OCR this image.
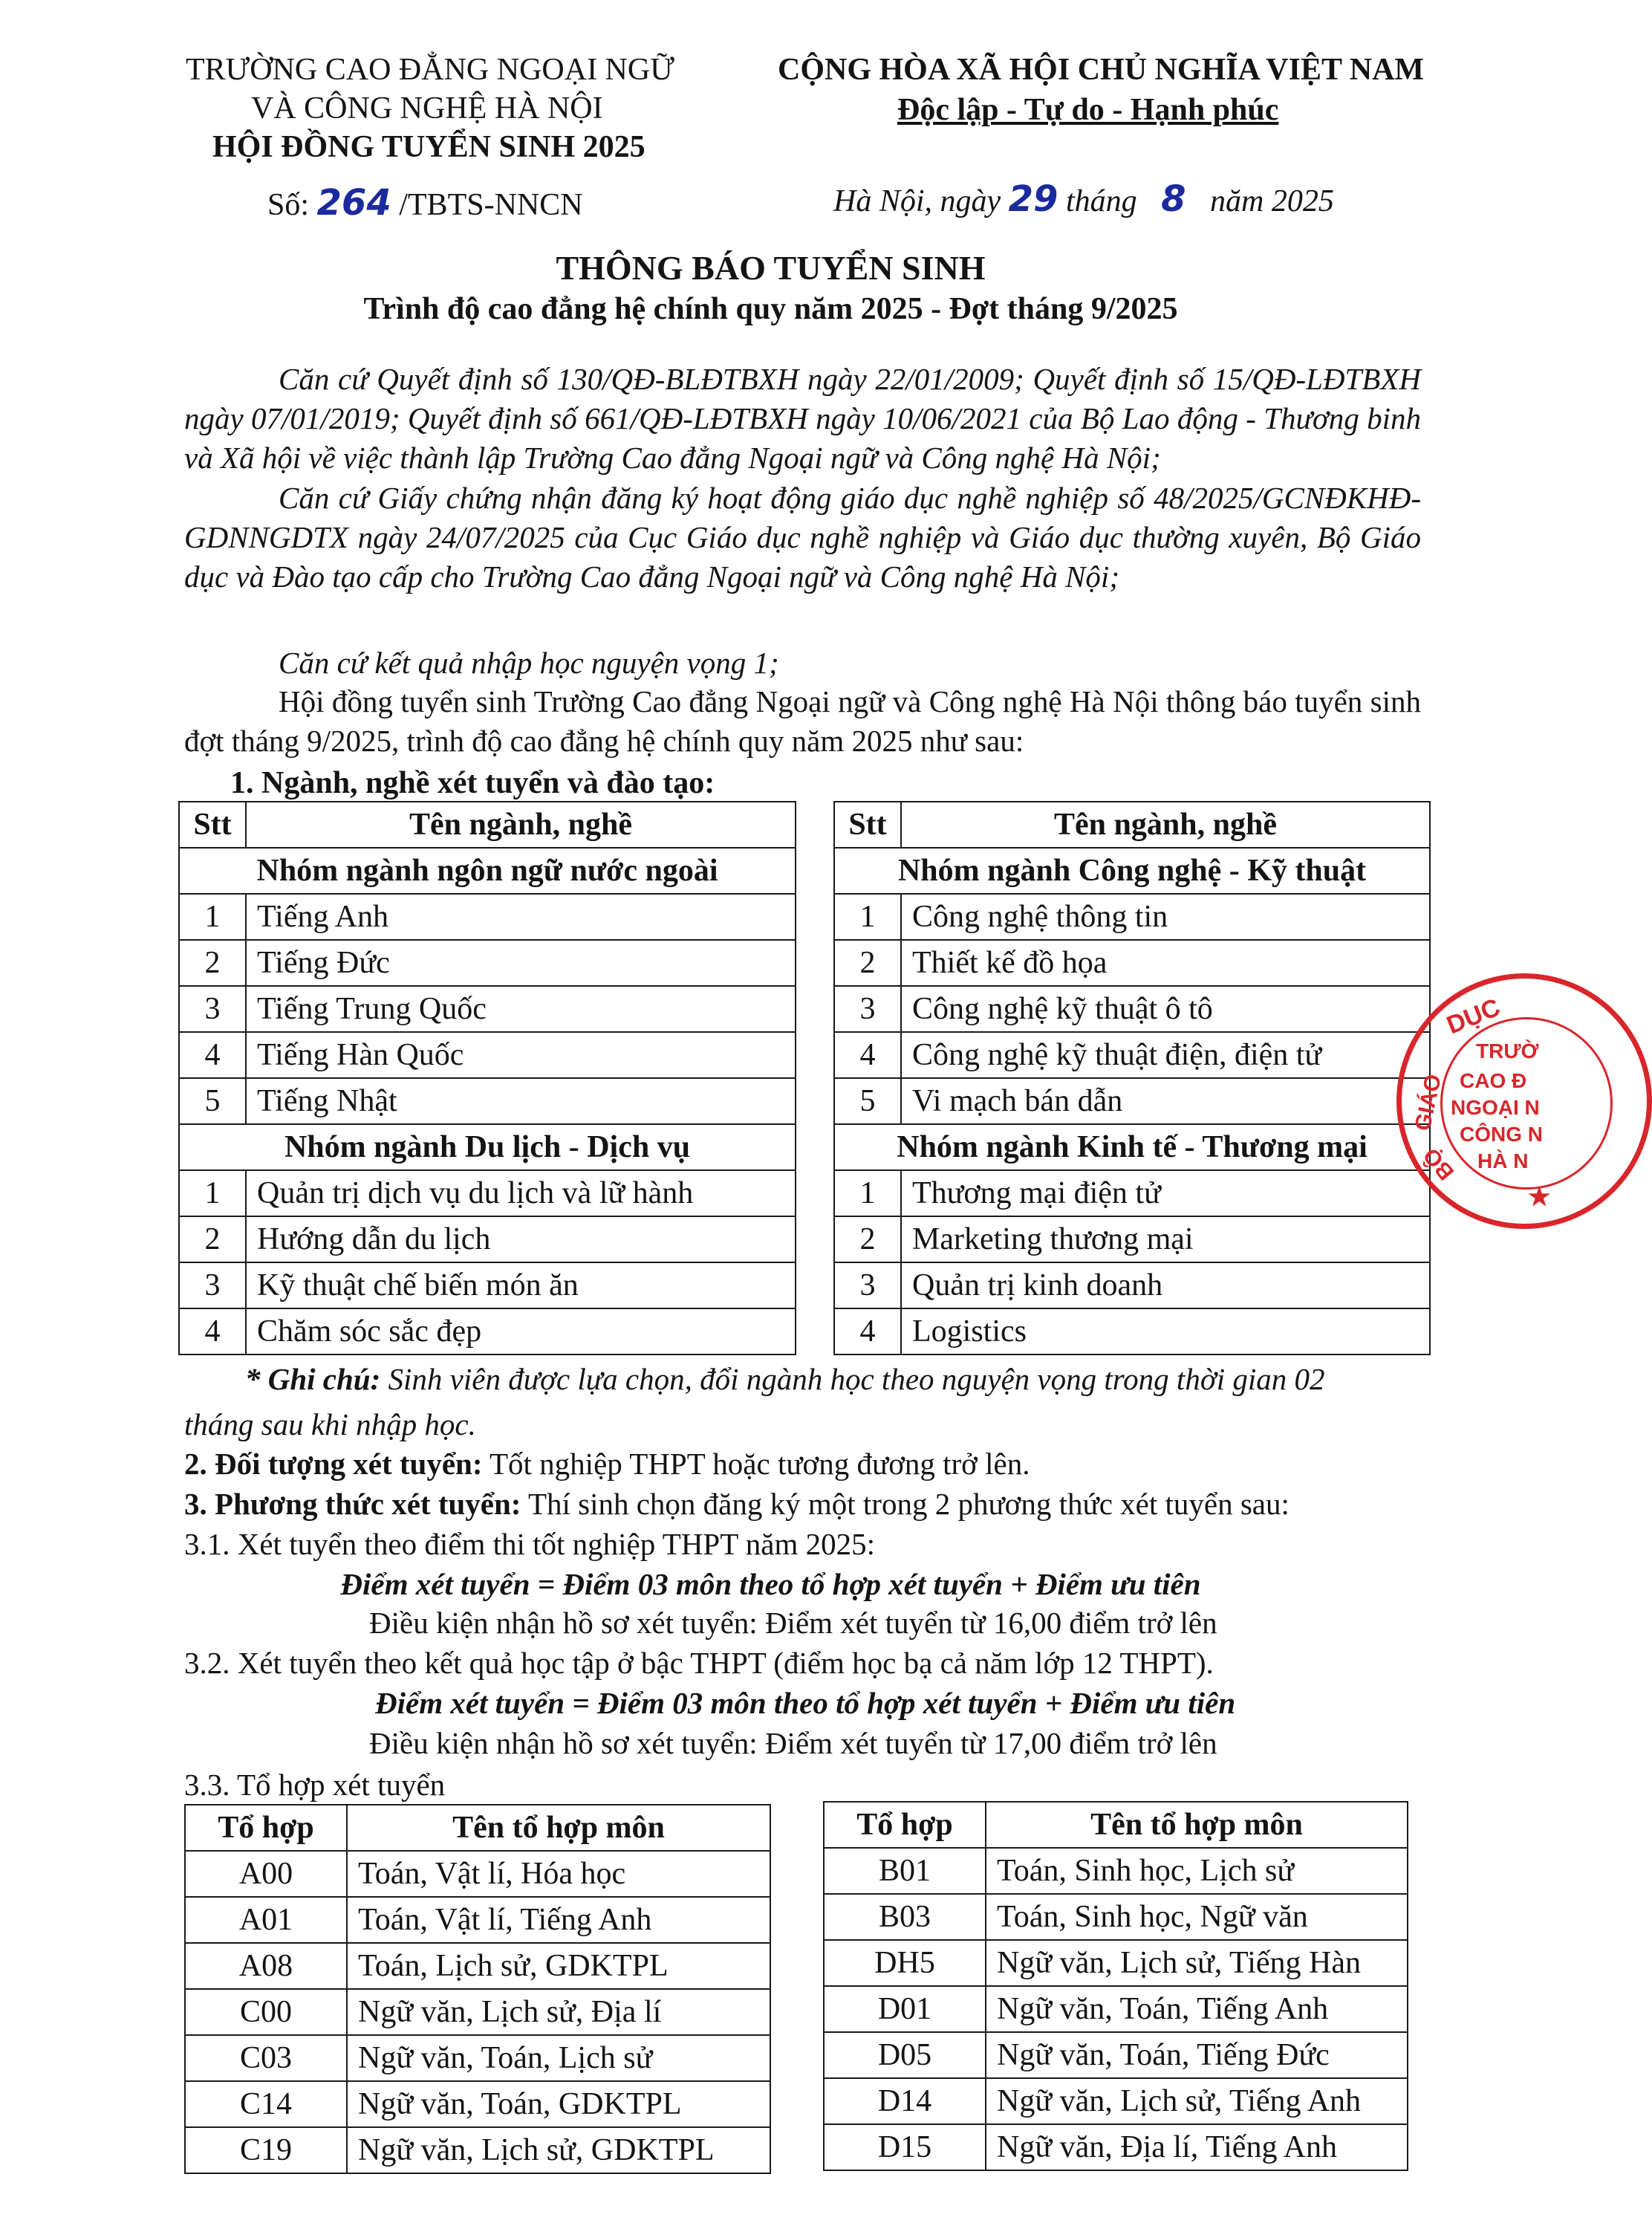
TRƯỜNG CAO ĐẲNG NGOẠI NGỮ
VÀ CÔNG NGHỆ HÀ NỘI
HỘI ĐỒNG TUYỂN SINH 2025
Số: 264 /TBTS-NNCN
CỘNG HÒA XÃ HỘI CHỦ NGHĨA VIỆT NAM
Độc lập - Tự do - Hạnh phúc
Hà Nội, ngày 29 tháng 8 năm 2025
THÔNG BÁO TUYỂN SINH
Trình độ cao đẳng hệ chính quy năm 2025 - Đợt tháng 9/2025
Căn cứ Quyết định số 130/QĐ-BLĐTBXH ngày 22/01/2009; Quyết định số 15/QĐ-LĐTBXH ngày 07/01/2019; Quyết định số 661/QĐ-LĐTBXH ngày 10/06/2021 của Bộ Lao động - Thương binh và Xã hội về việc thành lập Trường Cao đẳng Ngoại ngữ và Công nghệ Hà Nội;
Căn cứ Giấy chứng nhận đăng ký hoạt động giáo dục nghề nghiệp số 48/2025/GCNĐKHĐ-GDNNGDTX ngày 24/07/2025 của Cục Giáo dục nghề nghiệp và Giáo dục thường xuyên, Bộ Giáo dục và Đào tạo cấp cho Trường Cao đẳng Ngoại ngữ và Công nghệ Hà Nội;
Căn cứ kết quả nhập học nguyện vọng 1;
Hội đồng tuyển sinh Trường Cao đẳng Ngoại ngữ và Công nghệ Hà Nội thông báo tuyển sinh đợt tháng 9/2025, trình độ cao đẳng hệ chính quy năm 2025 như sau:
1. Ngành, nghề xét tuyển và đào tạo:
Stt	Tên ngành, nghề
Nhóm ngành ngôn ngữ nước ngoài	
1	Tiếng Anh
2	Tiếng Đức
3	Tiếng Trung Quốc
4	Tiếng Hàn Quốc
5	Tiếng Nhật
Nhóm ngành Du lịch - Dịch vụ	
1	Quản trị dịch vụ du lịch và lữ hành
2	Hướng dẫn du lịch
3	Kỹ thuật chế biến món ăn
4	Chăm sóc sắc đẹp
Stt	Tên ngành, nghề
Nhóm ngành Công nghệ - Kỹ thuật	
1	Công nghệ thông tin
2	Thiết kế đồ họa
3	Công nghệ kỹ thuật ô tô
4	Công nghệ kỹ thuật điện, điện tử
5	Vi mạch bán dẫn
Nhóm ngành Kinh tế - Thương mại	
1	Thương mại điện tử
2	Marketing thương mại
3	Quản trị kinh doanh
4	Logistics
* Ghi chú: Sinh viên được lựa chọn, đổi ngành học theo nguyện vọng trong thời gian 02
tháng sau khi nhập học.
2. Đối tượng xét tuyển: Tốt nghiệp THPT hoặc tương đương trở lên.
3. Phương thức xét tuyển: Thí sinh chọn đăng ký một trong 2 phương thức xét tuyển sau:
3.1. Xét tuyển theo điểm thi tốt nghiệp THPT năm 2025:
Điểm xét tuyển = Điểm 03 môn theo tổ hợp xét tuyển + Điểm ưu tiên
Điều kiện nhận hồ sơ xét tuyển: Điểm xét tuyển từ 16,00 điểm trở lên
3.2. Xét tuyển theo kết quả học tập ở bậc THPT (điểm học bạ cả năm lớp 12 THPT).
Điểm xét tuyển = Điểm 03 môn theo tổ hợp xét tuyển + Điểm ưu tiên
Điều kiện nhận hồ sơ xét tuyển: Điểm xét tuyển từ 17,00 điểm trở lên
3.3. Tổ hợp xét tuyển
Tổ hợp	Tên tổ hợp môn
A00	Toán, Vật lí, Hóa học
A01	Toán, Vật lí, Tiếng Anh
A08	Toán, Lịch sử, GDKTPL
C00	Ngữ văn, Lịch sử, Địa lí
C03	Ngữ văn, Toán, Lịch sử
C14	Ngữ văn, Toán, GDKTPL
C19	Ngữ văn, Lịch sử, GDKTPL
Tổ hợp	Tên tổ hợp môn
B01	Toán, Sinh học, Lịch sử
B03	Toán, Sinh học, Ngữ văn
DH5	Ngữ văn, Lịch sử, Tiếng Hàn
D01	Ngữ văn, Toán, Tiếng Anh
D05	Ngữ văn, Toán, Tiếng Đức
D14	Ngữ văn, Lịch sử, Tiếng Anh
D15	Ngữ văn, Địa lí, Tiếng Anh
DỤC
GIÁO
BỘ
TRƯỜ
CAO Đ
NGOẠI N
CÔNG N
HÀ N
★
